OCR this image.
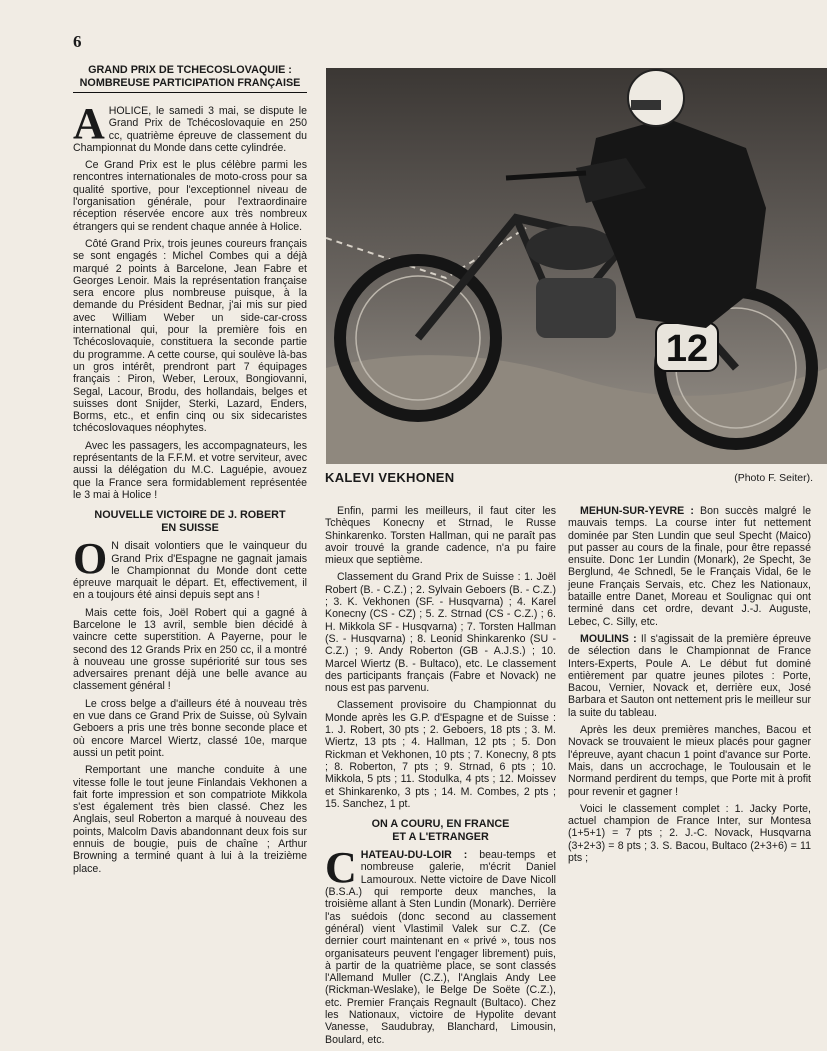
6
GRAND PRIX DE TCHECOSLOVAQUIE :
NOMBREUSE PARTICIPATION FRANÇAISE

AHOLICE, le samedi 3 mai, se dispute le Grand Prix de Tchécoslovaquie en 250 cc, quatrième épreuve de classement du Championnat du Monde dans cette cylindrée.

Ce Grand Prix est le plus célèbre parmi les rencontres internationales de moto-cross pour sa qualité sportive, pour l'exceptionnel niveau de l'organisation générale, pour l'extraordinaire réception réservée encore aux très nombreux étrangers qui se rendent chaque année à Holice.

Côté Grand Prix, trois jeunes coureurs français se sont engagés : Michel Combes qui a déjà marqué 2 points à Barcelone, Jean Fabre et Georges Lenoir. Mais la représentation française sera encore plus nombreuse puisque, à la demande du Président Bednar, j'ai mis sur pied avec William Weber un side-car-cross international qui, pour la première fois en Tchécoslovaquie, constituera la seconde partie du programme. A cette course, qui soulève là-bas un gros intérêt, prendront part 7 équipages français : Piron, Weber, Leroux, Bongiovanni, Segal, Lacour, Brodu, des hollandais, belges et suisses dont Snijder, Sterki, Lazard, Enders, Borms, etc., et enfin cinq ou six sidecaristes tchécoslovaques néophytes.

Avec les passagers, les accompagnateurs, les représentants de la F.F.M. et votre serviteur, avec aussi la délégation du M.C. Laguépie, avouez que la France sera formidablement représentée le 3 mai à Holice !

NOUVELLE VICTOIRE DE J. ROBERT
EN SUISSE

O N disait volontiers que le vainqueur du Grand Prix d'Espagne ne gagnait jamais le Championnat du Monde dont cette épreuve marquait le départ. Et, effectivement, il en a toujours été ainsi depuis sept ans !

Mais cette fois, Joël Robert qui a gagné à Barcelone le 13 avril, semble bien décidé à vaincre cette superstition. A Payerne, pour le second des 12 Grands Prix en 250 cc, il a montré à nouveau une grosse supériorité sur tous ses adversaires prenant déjà une belle avance au classement général !

Le cross belge a d'ailleurs été à nouveau très en vue dans ce Grand Prix de Suisse, où Sylvain Geboers a pris une très bonne seconde place et où encore Marcel Wiertz, classé 10e, marque aussi un petit point.

Remportant une manche conduite à une vitesse folle le tout jeune Finlandais Vekhonen a fait forte impression et son compatriote Mikkola s'est également très bien classé. Chez les Anglais, seul Roberton a marqué à nouveau des points, Malcolm Davis abandonnant deux fois sur ennuis de bougie, puis de chaîne ; Arthur Browning a terminé quant à lui à la treizième place.

12
KALEVI VEKHONEN	(Photo F. Seiter).

Enfin, parmi les meilleurs, il faut citer les Tchèques Konecny et Strnad, le Russe Shinkarenko. Torsten Hallman, qui ne paraît pas avoir trouvé la grande cadence, n'a pu faire mieux que septième.

Classement du Grand Prix de Suisse : 1. Joël Robert (B. - C.Z.) ; 2. Sylvain Geboers (B. - C.Z.) ; 3. K. Vekhonen (SF. - Husqvarna) ; 4. Karel Konecny (CS - CZ) ; 5. Z. Strnad (CS - C.Z.) ; 6. H. Mikkola SF - Husqvarna) ; 7. Torsten Hallman (S. - Husqvarna) ; 8. Leonid Shinkarenko (SU - C.Z.) ; 9. Andy Roberton (GB - A.J.S.) ; 10. Marcel Wiertz (B. - Bultaco), etc. Le classement des participants français (Fabre et Novack) ne nous est pas parvenu.

Classement provisoire du Championnat du Monde après les G.P. d'Espagne et de Suisse : 1. J. Robert, 30 pts ; 2. Geboers, 18 pts ; 3. M. Wiertz, 13 pts ; 4. Hallman, 12 pts ; 5. Don Rickman et Vekhonen, 10 pts ; 7. Konecny, 8 pts ; 8. Roberton, 7 pts ; 9. Strnad, 6 pts ; 10. Mikkola, 5 pts ; 11. Stodulka, 4 pts ; 12. Moissev et Shinkarenko, 3 pts ; 14. M. Combes, 2 pts ; 15. Sanchez, 1 pt.

ON A COURU, EN FRANCE
ET A L'ETRANGER

CHATEAU-DU-LOIR : beau-temps et nombreuse galerie, m'écrit Daniel Lamouroux. Nette victoire de Dave Nicoll (B.S.A.) qui remporte deux manches, la troisième allant à Sten Lundin (Monark). Derrière l'as suédois (donc second au classement général) vient Vlastimil Valek sur C.Z. (Ce dernier court maintenant en « privé », tous nos organisateurs peuvent l'engager librement) puis, à partir de la quatrième place, se sont classés l'Allemand Muller (C.Z.), l'Anglais Andy Lee (Rickman-Weslake), le Belge De Soëte (C.Z.), etc. Premier Français Regnault (Bultaco). Chez les Nationaux, victoire de Hypolite devant Vanesse, Saudubray, Blanchard, Limousin, Boulard, etc.

MEHUN-SUR-YEVRE : Bon succès malgré le mauvais temps. La course inter fut nettement dominée par Sten Lundin que seul Specht (Maico) put passer au cours de la finale, pour être repassé ensuite. Donc 1er Lundin (Monark), 2e Specht, 3e Berglund, 4e Schnedl, 5e le Français Vidal, 6e le jeune Français Servais, etc. Chez les Nationaux, bataille entre Danet, Moreau et Soulignac qui ont terminé dans cet ordre, devant J.-J. Auguste, Lebec, C. Silly, etc.

MOULINS : Il s'agissait de la première épreuve de sélection dans le Championnat de France Inters-Experts, Poule A. Le début fut dominé entièrement par quatre jeunes pilotes : Porte, Bacou, Vernier, Novack et, derrière eux, José Barbara et Sauton ont nettement pris le meilleur sur la suite du tableau.

Après les deux premières manches, Bacou et Novack se trouvaient le mieux placés pour gagner l'épreuve, ayant chacun 1 point d'avance sur Porte. Mais, dans un accrochage, le Toulousain et le Normand perdirent du temps, que Porte mit à profit pour revenir et gagner !

Voici le classement complet : 1. Jacky Porte, actuel champion de France Inter, sur Montesa (1+5+1) = 7 pts ; 2. J.-C. Novack, Husqvarna (3+2+3) = 8 pts ; 3. S. Bacou, Bultaco (2+3+6) = 11 pts ;
